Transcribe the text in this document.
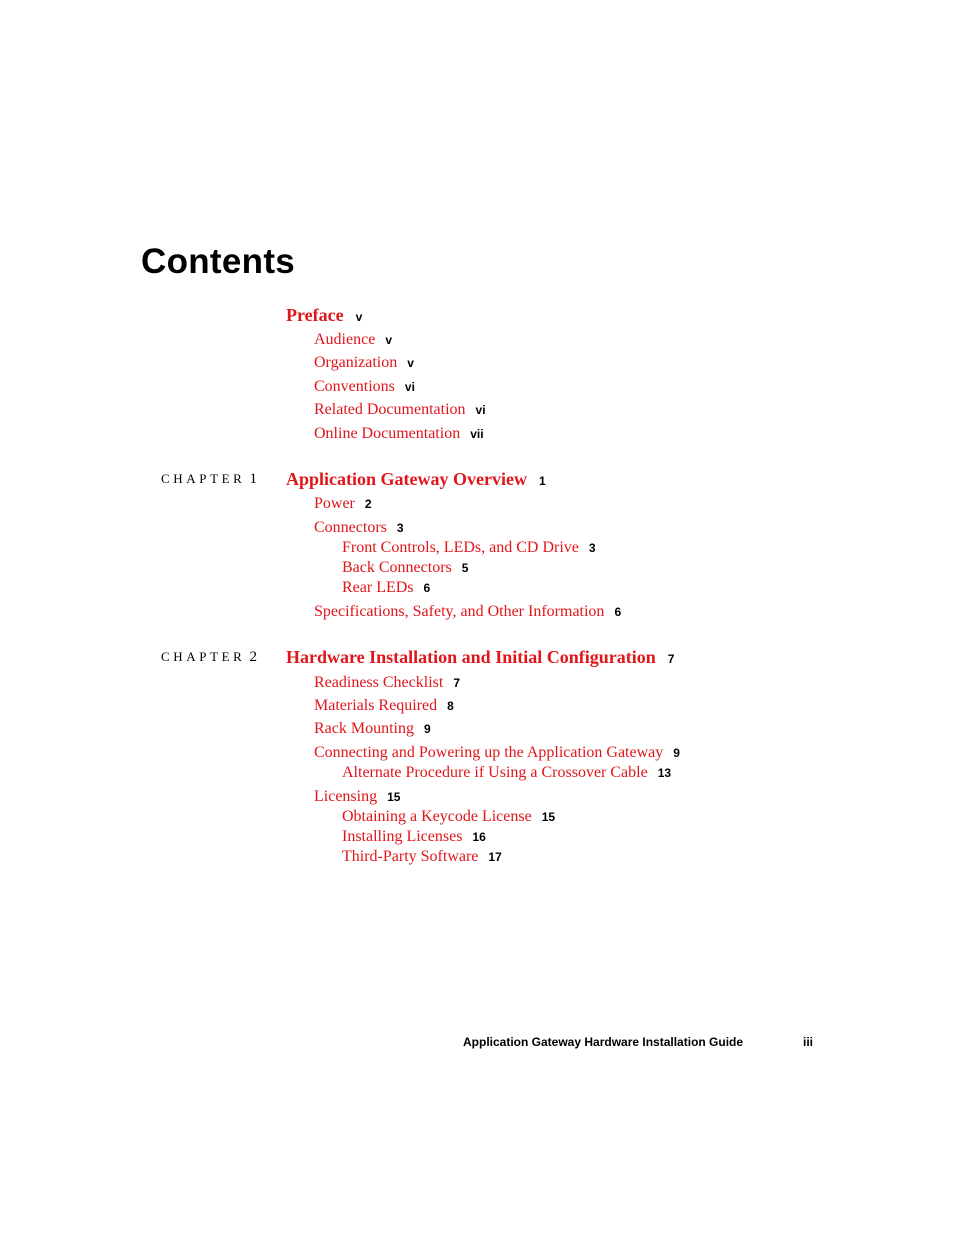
Contents
Preface v
Audience v
Organization v
Conventions vi
Related Documentation vi
Online Documentation vii
CHAPTER 1 Application Gateway Overview 1
Power 2
Connectors 3
Front Controls, LEDs, and CD Drive 3
Back Connectors 5
Rear LEDs 6
Specifications, Safety, and Other Information 6
CHAPTER 2 Hardware Installation and Initial Configuration 7
Readiness Checklist 7
Materials Required 8
Rack Mounting 9
Connecting and Powering up the Application Gateway 9
Alternate Procedure if Using a Crossover Cable 13
Licensing 15
Obtaining a Keycode License 15
Installing Licenses 16
Third-Party Software 17
Application Gateway Hardware Installation Guide	iii
